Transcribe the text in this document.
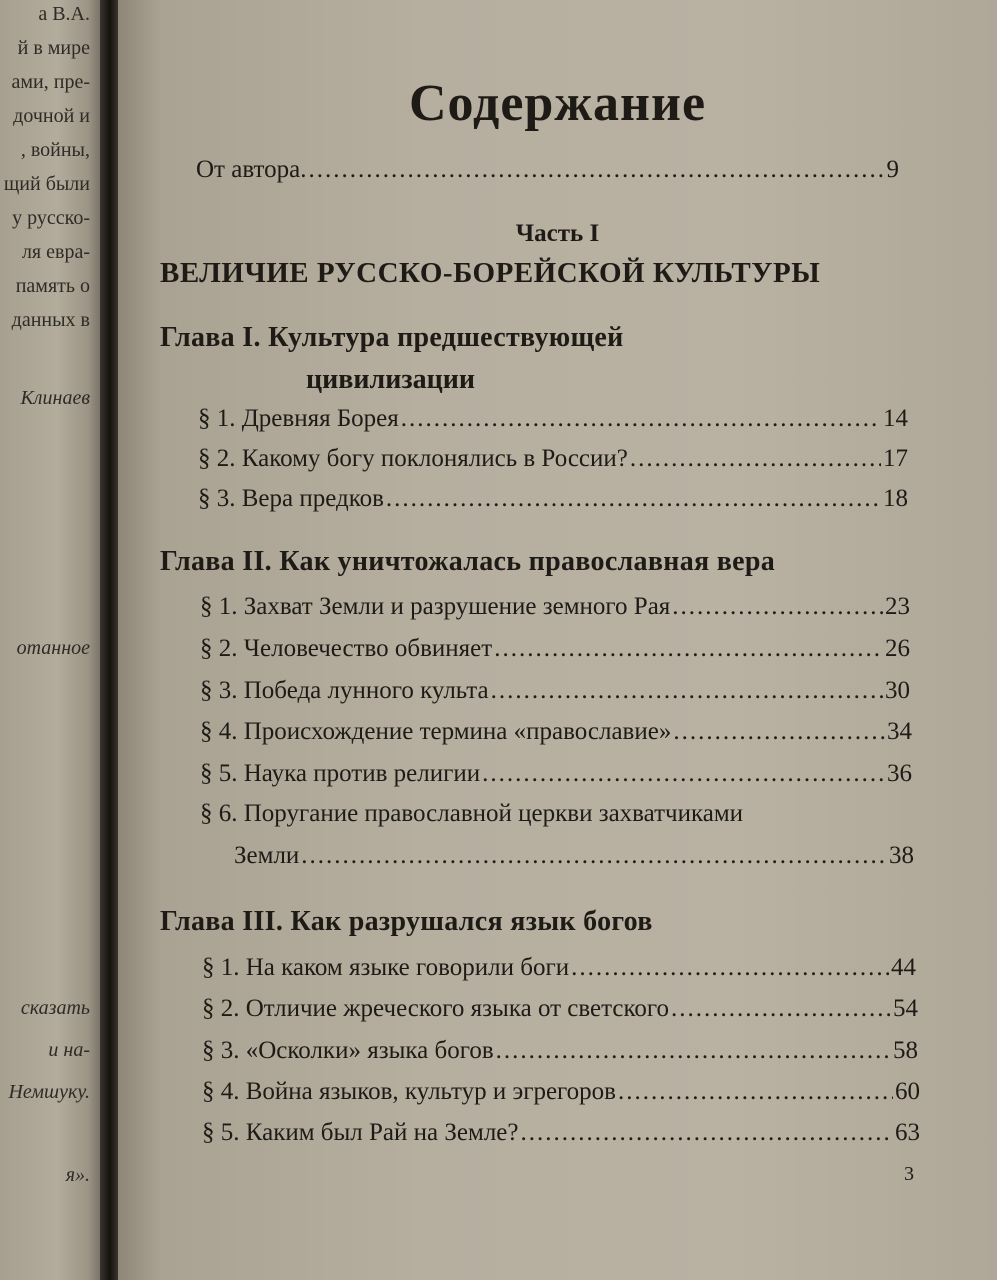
а В.А.
й в мире
ами, пре-
дочной и
, войны,
щий были
у русско-
ля евра-
память о
данных в
Клинаев
отанное
сказать
и на-
Немшуку.
я».
Содержание
От автора. .....	9
Часть I
ВЕЛИЧИЕ РУССКО-БОРЕЙСКОЙ КУЛЬТУРЫ
Глава I. Культура предшествующей
цивилизации
§ 1. Древняя Борея .....	14
§ 2. Какому богу поклонялись в России? .....	17
§ 3. Вера предков .....	18
Глава II. Как уничтожалась православная вера
§ 1. Захват Земли и разрушение земного Рая .....	23
§ 2. Человечество обвиняет .....	26
§ 3. Победа лунного культа .....	30
§ 4. Происхождение термина «православие» .....	34
§ 5. Наука против религии .....	36
§ 6. Поругание православной церкви захватчиками
Земли .....	38
Глава III. Как разрушался язык богов
§ 1. На каком языке говорили боги .....	44
§ 2. Отличие жреческого языка от светского .....	54
§ 3. «Осколки» языка богов .....	58
§ 4. Война языков, культур и эгрегоров .....	60
§ 5. Каким был Рай на Земле? .....	63
3
